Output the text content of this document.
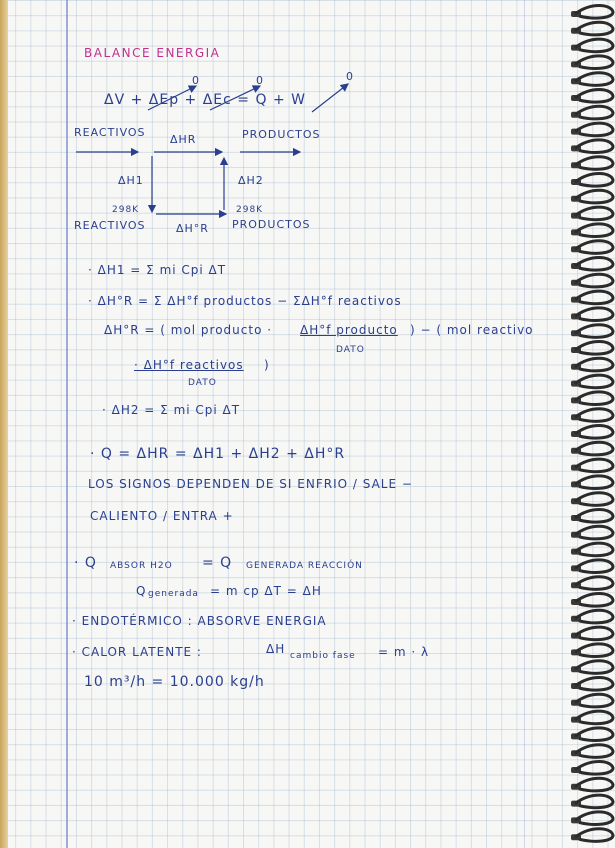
BALANCE ENERGIA
ΔV + ΔEp + ΔEc = Q + W
0	0	0
REACTIVOS	PRODUCTOS
ΔHR
ΔH1	ΔH2
298K	298K
REACTIVOS	PRODUCTOS
ΔH°R
· ΔH1 = Σ mi Cpi ΔT
· ΔH°R = Σ ΔH°f productos − ΣΔH°f reactivos
ΔH°R = ( mol producto · ΔH°f producto ) − ( mol reactivo
DATO
· ΔH°f reactivos )
DATO
· ΔH2 = Σ mi Cpi ΔT
· Q = ΔHR = ΔH1 + ΔH2 + ΔH°R
LOS SIGNOS DEPENDEN DE SI ENFRIO / SALE −
CALIENTO / ENTRA +
· Q ABSOR H2O = Q GENERADA REACCIÓN
Q generada = m cp ΔT = ΔH
· ENDOTÉRMICO : ABSORVE ENERGIA
· CALOR LATENTE :	ΔH cambio fase = m · λ
10 m³/h = 10.000 kg/h
